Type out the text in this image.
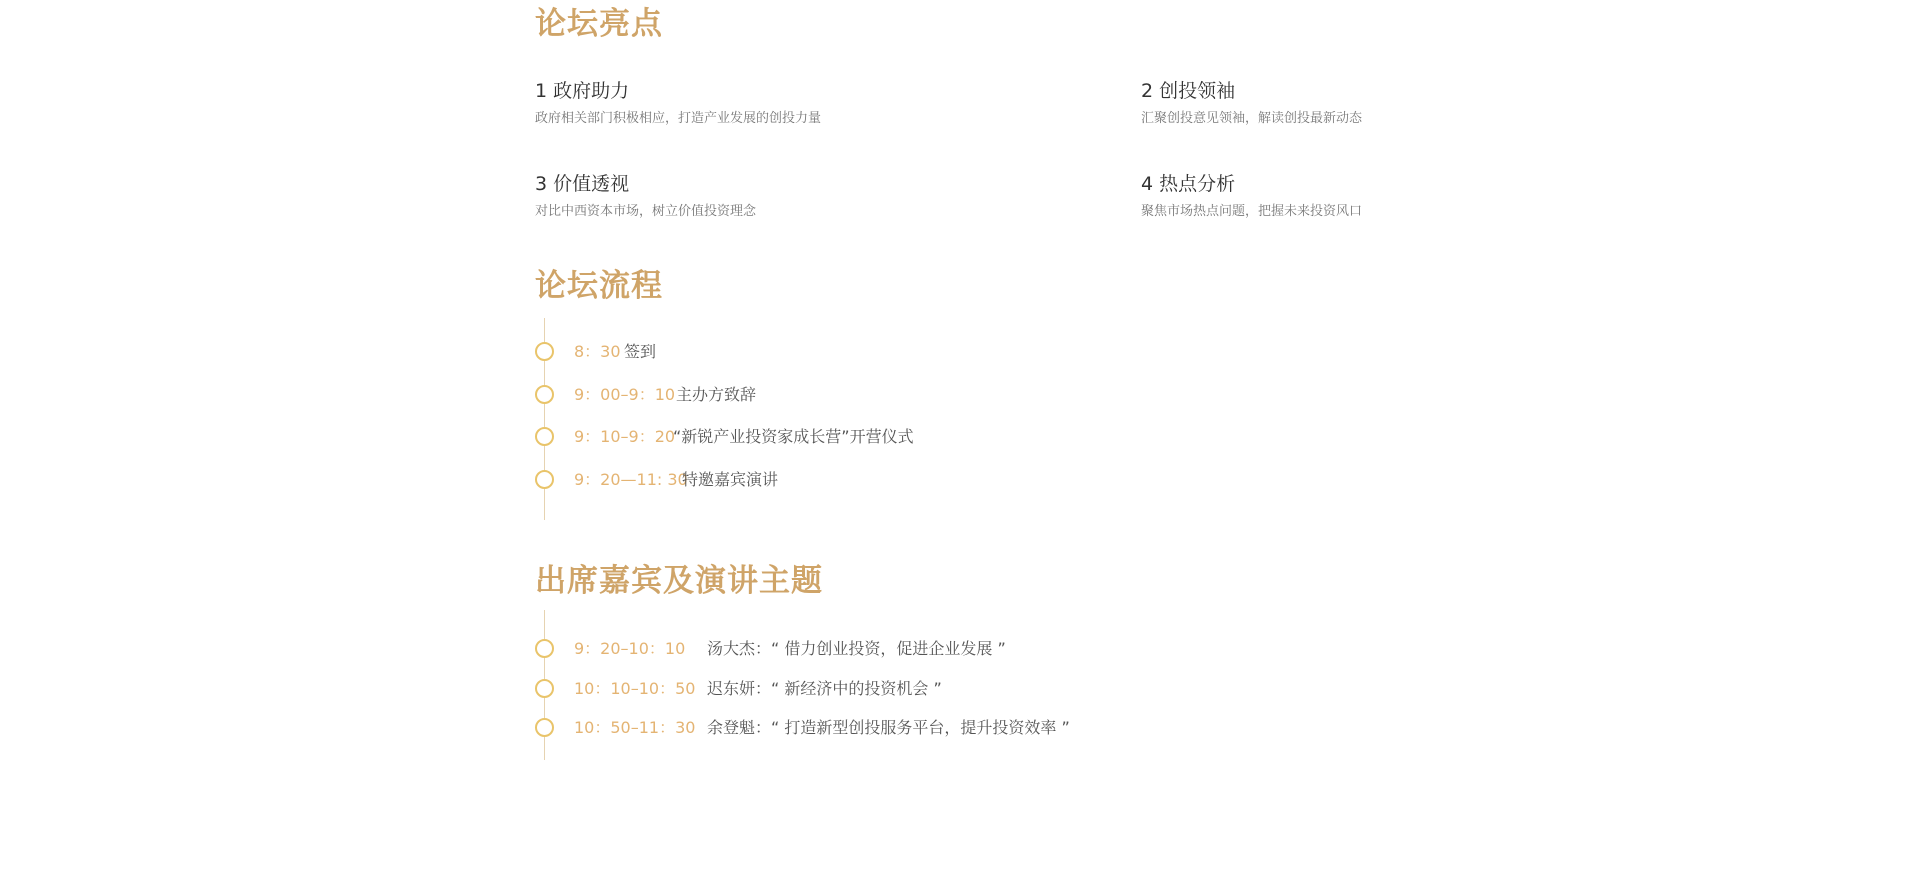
论坛亮点
1 政府助力
政府相关部门积极相应，打造产业发展的创投力量
2 创投领袖
汇聚创投意见领袖，解读创投最新动态
3 价值透视
对比中西资本市场，树立价值投资理念
4 热点分析
聚焦市场热点问题，把握未来投资风口
论坛流程
8：30 签到
9：00–9：10 主办方致辞
9：10–9：20
“新锐产业投资家成长营”开营仪式
9：20—11: 30
特邀嘉宾演讲
出席嘉宾及演讲主题
9：20–10：10 汤大杰：“ 借力创业投资，促进企业发展 ”
10：10–10：50 迟东妍：“ 新经济中的投资机会 ”
10：50–11：30 余登魁：“ 打造新型创投服务平台，提升投资效率 ”
